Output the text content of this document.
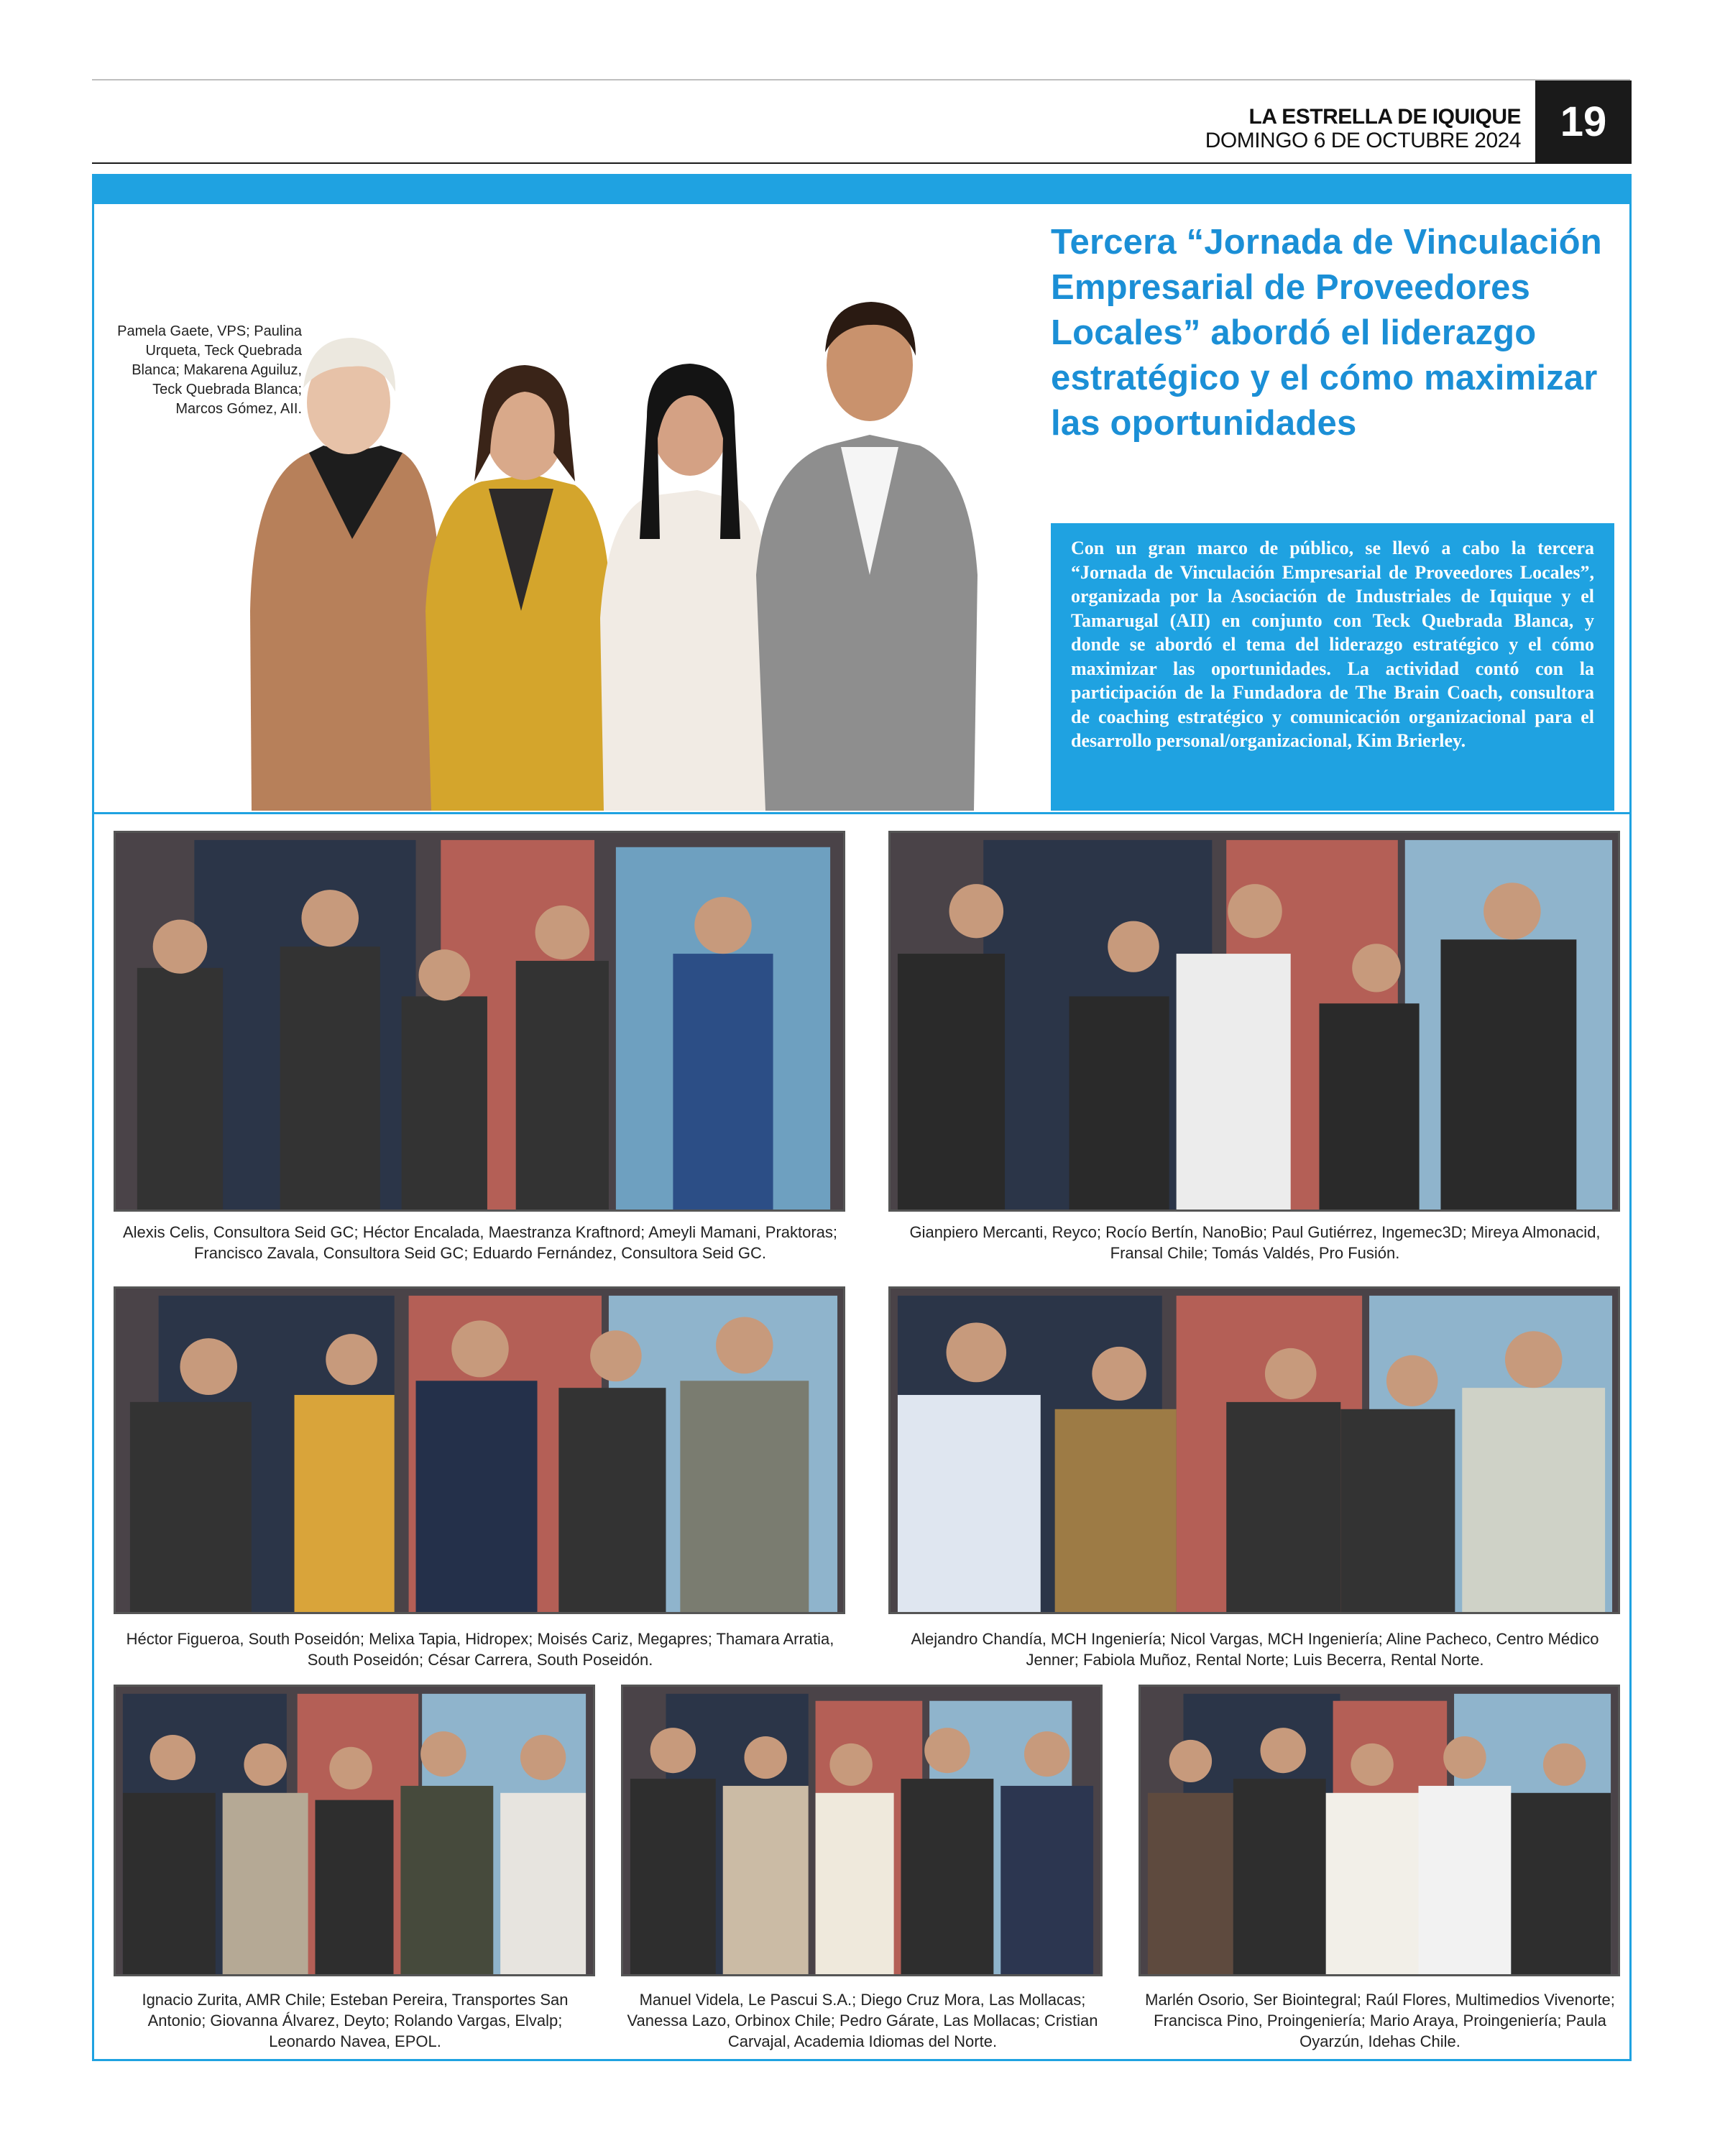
LA ESTRELLA DE IQUIQUE
DOMINGO 6 DE OCTUBRE 2024 19
Pamela Gaete, VPS; Paulina Urqueta, Teck Quebrada Blanca; Makarena Aguiluz, Teck Quebrada Blanca; Marcos Gómez, AII.
Tercera “Jornada de Vinculación Empresarial de Proveedores Locales” abordó el liderazgo estratégico y el cómo maximizar las oportunidades
Con un gran marco de público, se llevó a cabo la tercera “Jornada de Vinculación Empresarial de Proveedores Locales”, organizada por la Asociación de Industriales de Iquique y el Tamarugal (AII) en conjunto con Teck Quebrada Blanca, y donde se abordó el tema del liderazgo estratégico y el cómo maximizar las oportunidades. La actividad contó con la participación de la Fundadora de The Brain Coach, consultora de coaching estratégico y comunicación organizacional para el desarrollo personal/organizacional, Kim Brierley.
Alexis Celis, Consultora Seid GC; Héctor Encalada, Maestranza Kraftnord; Ameyli Mamani, Praktoras; Francisco Zavala, Consultora Seid GC; Eduardo Fernández, Consultora Seid GC.
Gianpiero Mercanti, Reyco; Rocío Bertín, NanoBio; Paul Gutiérrez, Ingemec3D; Mireya Almonacid, Fransal Chile; Tomás Valdés, Pro Fusión.
Héctor Figueroa, South Poseidón; Melixa Tapia, Hidropex; Moisés Cariz, Megapres; Thamara Arratia, South Poseidón; César Carrera, South Poseidón.
Alejandro Chandía, MCH Ingeniería; Nicol Vargas, MCH Ingeniería; Aline Pacheco, Centro Médico Jenner; Fabiola Muñoz, Rental Norte; Luis Becerra, Rental Norte.
Ignacio Zurita, AMR Chile; Esteban Pereira, Transportes San Antonio; Giovanna Álvarez, Deyto; Rolando Vargas, Elvalp; Leonardo Navea, EPOL.
Manuel Videla, Le Pascui S.A.; Diego Cruz Mora, Las Mollacas; Vanessa Lazo, Orbinox Chile; Pedro Gárate, Las Mollacas; Cristian Carvajal, Academia Idiomas del Norte.
Marlén Osorio, Ser Biointegral; Raúl Flores, Multimedios Vivenorte; Francisca Pino, Proingeniería; Mario Araya, Proingeniería; Paula Oyarzún, Idehas Chile.
